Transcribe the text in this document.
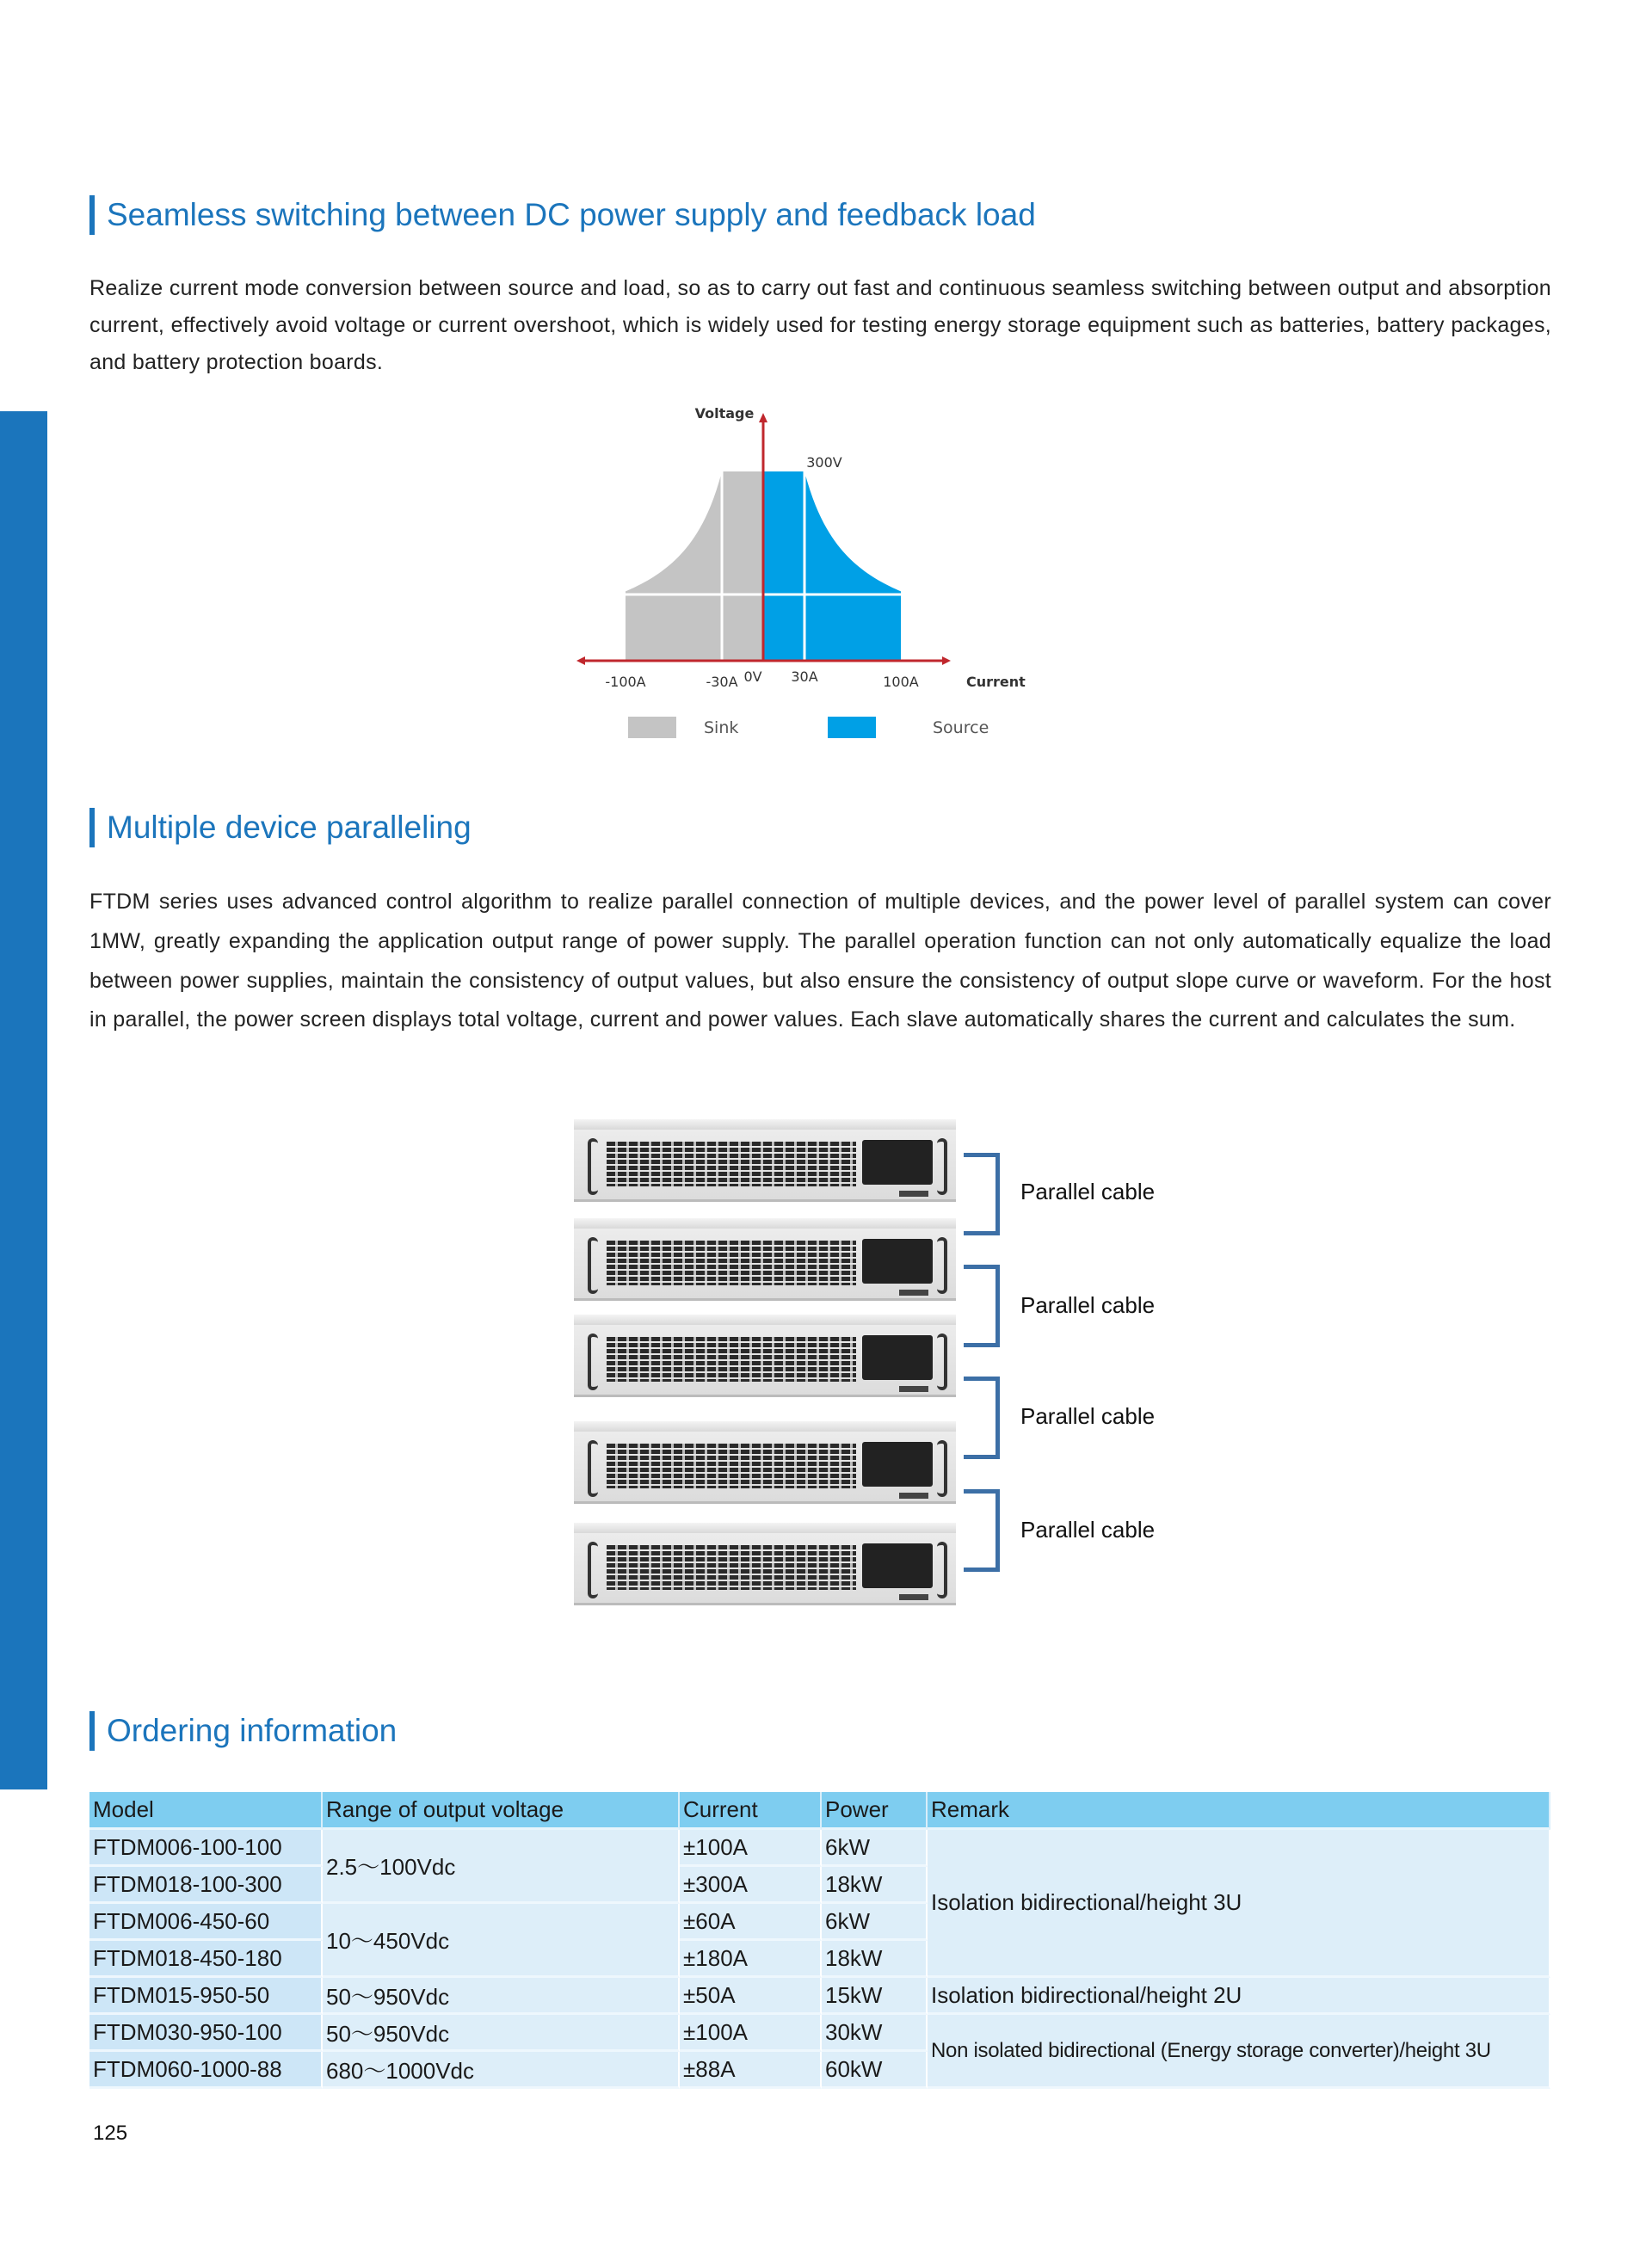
Seamless switching between DC power supply and feedback load
Realize current mode conversion between source and load, so as to carry out fast and continuous seamless switching between output and absorption current, effectively avoid voltage or current overshoot, which is widely used for testing energy storage equipment such as batteries, battery packages, and battery protection boards.
Voltage
Current
300V
-100A	-30A 0V 30A	100A
Sink	Source
Multiple device paralleling
FTDM series uses advanced control algorithm to realize parallel connection of multiple devices, and the power level of parallel system can cover 1MW, greatly expanding the application output range of power supply. The parallel operation function can not only automatically equalize the load between power supplies, maintain the consistency of output values, but also ensure the consistency of output slope curve or waveform. For the host in parallel, the power screen displays total voltage, current and power values. Each slave automatically shares the current and calculates the sum.
Parallel cable
Parallel cable
Parallel cable
Parallel cable
Ordering information
Model	Range of output voltage	Current	Power	Remark
FTDM006-100-100	2.5～100Vdc	±100A	6kW	Isolation bidirectional/height 3U
FTDM018-100-300		±300A	18kW	
FTDM006-450-60	10～450Vdc	±60A	6kW	
FTDM018-450-180		±180A	18kW	
FTDM015-950-50	50～950Vdc	±50A	15kW	Isolation bidirectional/height 2U
FTDM030-950-100	50～950Vdc	±100A	30kW	Non isolated bidirectional (Energy storage converter)/height 3U
FTDM060-1000-88	680～1000Vdc	±88A	60kW	
125
